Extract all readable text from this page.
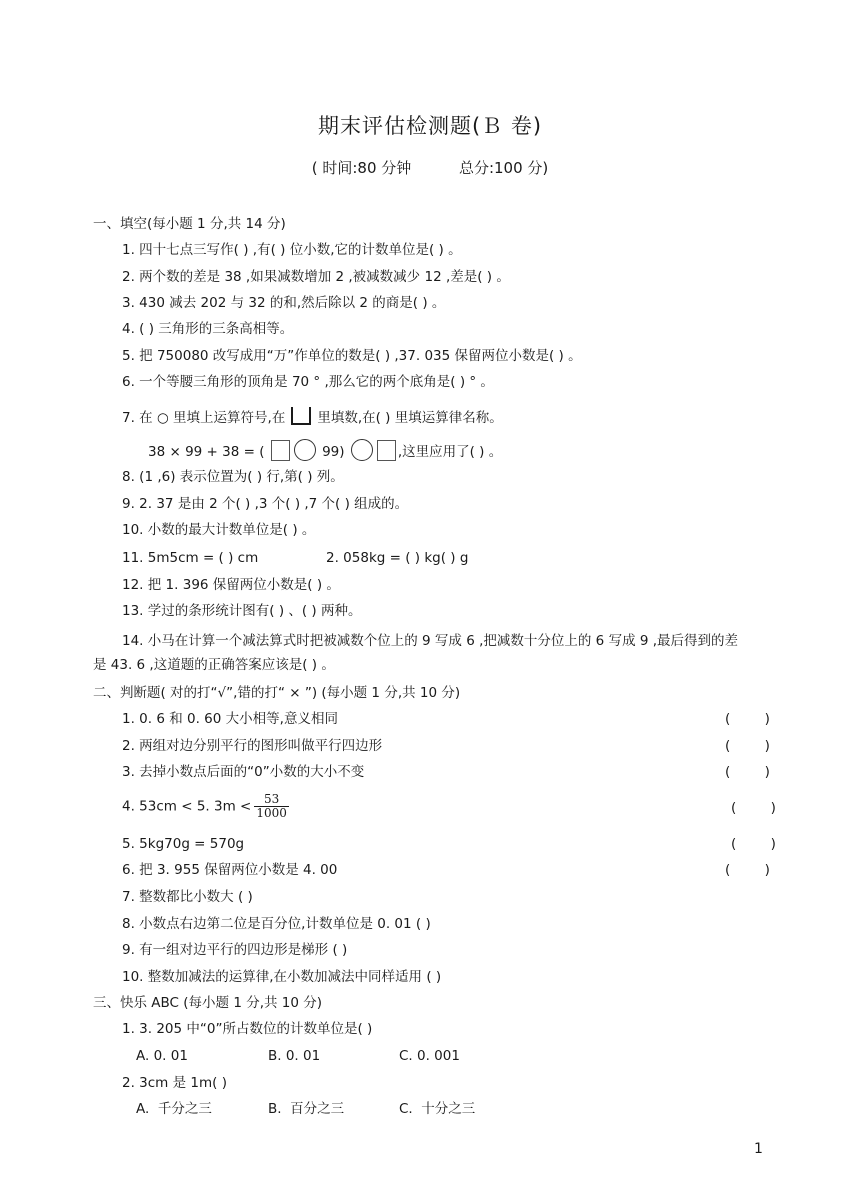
期末评估检测题(Ｂ 卷)
( 时间:80 分钟          总分:100 分)
一、填空(每小题 1 分,共 14 分)
1. 四十七点三写作( ) ,有( ) 位小数,它的计数单位是( ) 。
2. 两个数的差是 38 ,如果减数增加 2 ,被减数减少 12 ,差是( ) 。
3. 430 减去 202 与 32 的和,然后除以 2 的商是( ) 。
4. ( ) 三角形的三条高相等。
5. 把 750080 改写成用“万”作单位的数是( ) ,37. 035 保留两位小数是( ) 。
6. 一个等腰三角形的顶角是 70 ° ,那么它的两个底角是( ) ° 。
7. 在 ○ 里填上运算符号,在 里填数,在( ) 里填运算律名称。
38 × 99 + 38 = (	99)	,这里应用了( ) 。
8. (1 ,6) 表示位置为( ) 行,第( ) 列。
9. 2. 37 是由 2 个( ) ,3 个( ) ,7 个( ) 组成的。
10. 小数的最大计数单位是( ) 。
11. 5m5cm = ( ) cm	2. 058kg = ( ) kg( ) g
12. 把 1. 396 保留两位小数是( ) 。
13. 学过的条形统计图有( ) 、( ) 两种。
14. 小马在计算一个减法算式时把被减数个位上的 9 写成 6 ,把减数十分位上的 6 写成 9 ,最后得到的差
是 43. 6 ,这道题的正确答案应该是( ) 。
二、判断题( 对的打“√”,错的打“ × ”) (每小题 1 分,共 10 分)
1. 0. 6 和 0. 60 大小相等,意义相同	(        )
2. 两组对边分别平行的图形叫做平行四边形	(        )
3. 去掉小数点后面的“0”小数的大小不变	(        )
4. 53cm < 5. $3m < \frac{53}{1000}$	(        )
5. 5kg70g = 570g	(        )
6. 把 3. 955 保留两位小数是 4. 00	(        )
7. 整数都比小数大 ( )
8. 小数点右边第二位是百分位,计数单位是 0. 01 ( )
9. 有一组对边平行的四边形是梯形 ( )
10. 整数加减法的运算律,在小数加减法中同样适用 ( )
三、快乐 ABC (每小题 1 分,共 10 分)
1. 3. 205 中“0”所占数位的计数单位是( )
A. 0. 01	B. 0. 01	C. 0. 001
2. 3cm 是 1m( )
A.  千分之三	B.  百分之三	C.  十分之三
1
